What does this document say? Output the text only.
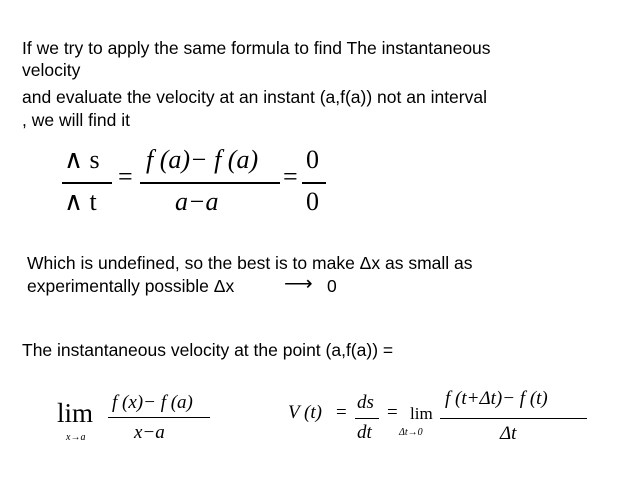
If we try to apply the same formula to find The instantaneous
velocity
and evaluate the velocity at an instant (a,f(a)) not an interval
, we will find it
∧ s
∧ t
=
f (a)− f (a)
a−a
=
0
0
Which is undefined, so the best is to make Δx as small as
experimentally possible Δx ⟶ 0
The instantaneous velocity at the point (a,f(a)) =
lim
x→a
f (x)− f (a)
x−a
V (t) = ds
dt
= lim
Δt→0
f (t+Δt)− f (t)
Δt
